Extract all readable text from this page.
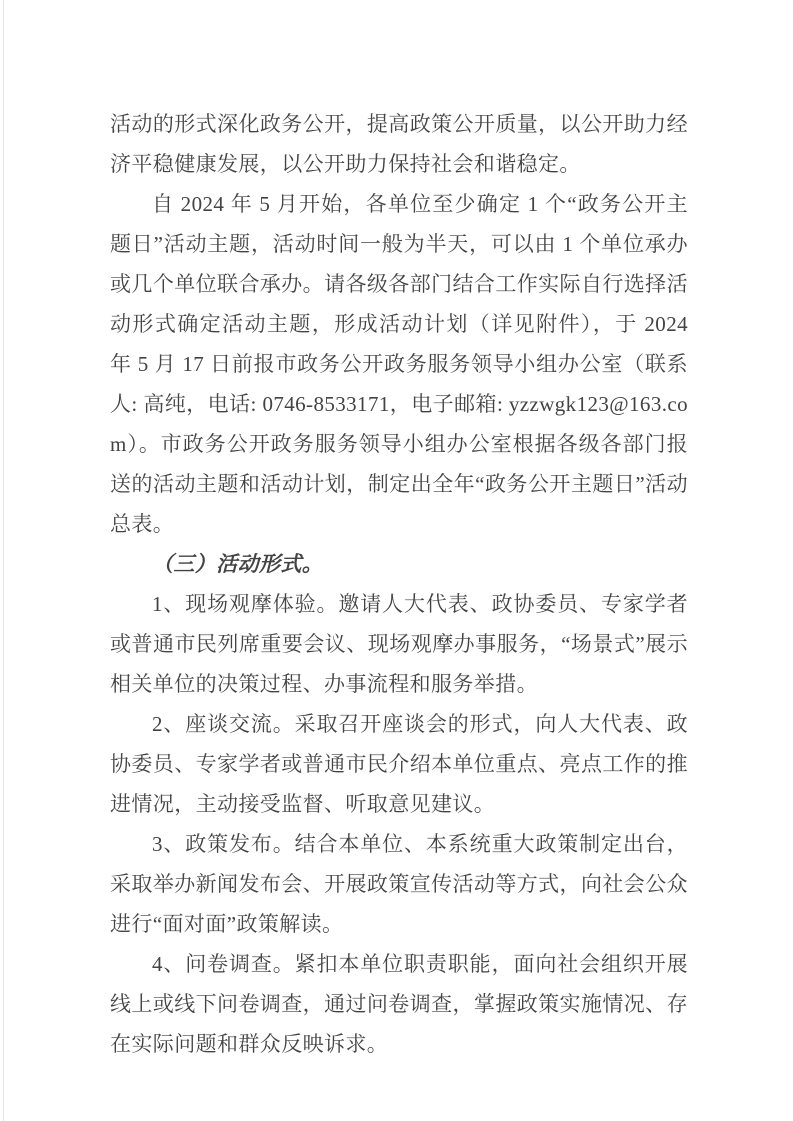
活动的形式深化政务公开，提高政策公开质量，以公开助力经济平稳健康发展，以公开助力保持社会和谐稳定。

自 2024 年 5 月开始，各单位至少确定 1 个“政务公开主题日”活动主题，活动时间一般为半天，可以由 1 个单位承办或几个单位联合承办。请各级各部门结合工作实际自行选择活动形式确定活动主题，形成活动计划（详见附件），于 2024 年 5 月 17 日前报市政务公开政务服务领导小组办公室（联系人: 高纯，电话: 0746-8533171，电子邮箱: yzzwgk123@163.com）。市政务公开政务服务领导小组办公室根据各级各部门报送的活动主题和活动计划，制定出全年“政务公开主题日”活动总表。

（三）活动形式。

1、现场观摩体验。邀请人大代表、政协委员、专家学者或普通市民列席重要会议、现场观摩办事服务，“场景式”展示相关单位的决策过程、办事流程和服务举措。

2、座谈交流。采取召开座谈会的形式，向人大代表、政协委员、专家学者或普通市民介绍本单位重点、亮点工作的推进情况，主动接受监督、听取意见建议。

3、政策发布。结合本单位、本系统重大政策制定出台，采取举办新闻发布会、开展政策宣传活动等方式，向社会公众进行“面对面”政策解读。

4、问卷调查。紧扣本单位职责职能，面向社会组织开展线上或线下问卷调查，通过问卷调查，掌握政策实施情况、存在实际问题和群众反映诉求。
